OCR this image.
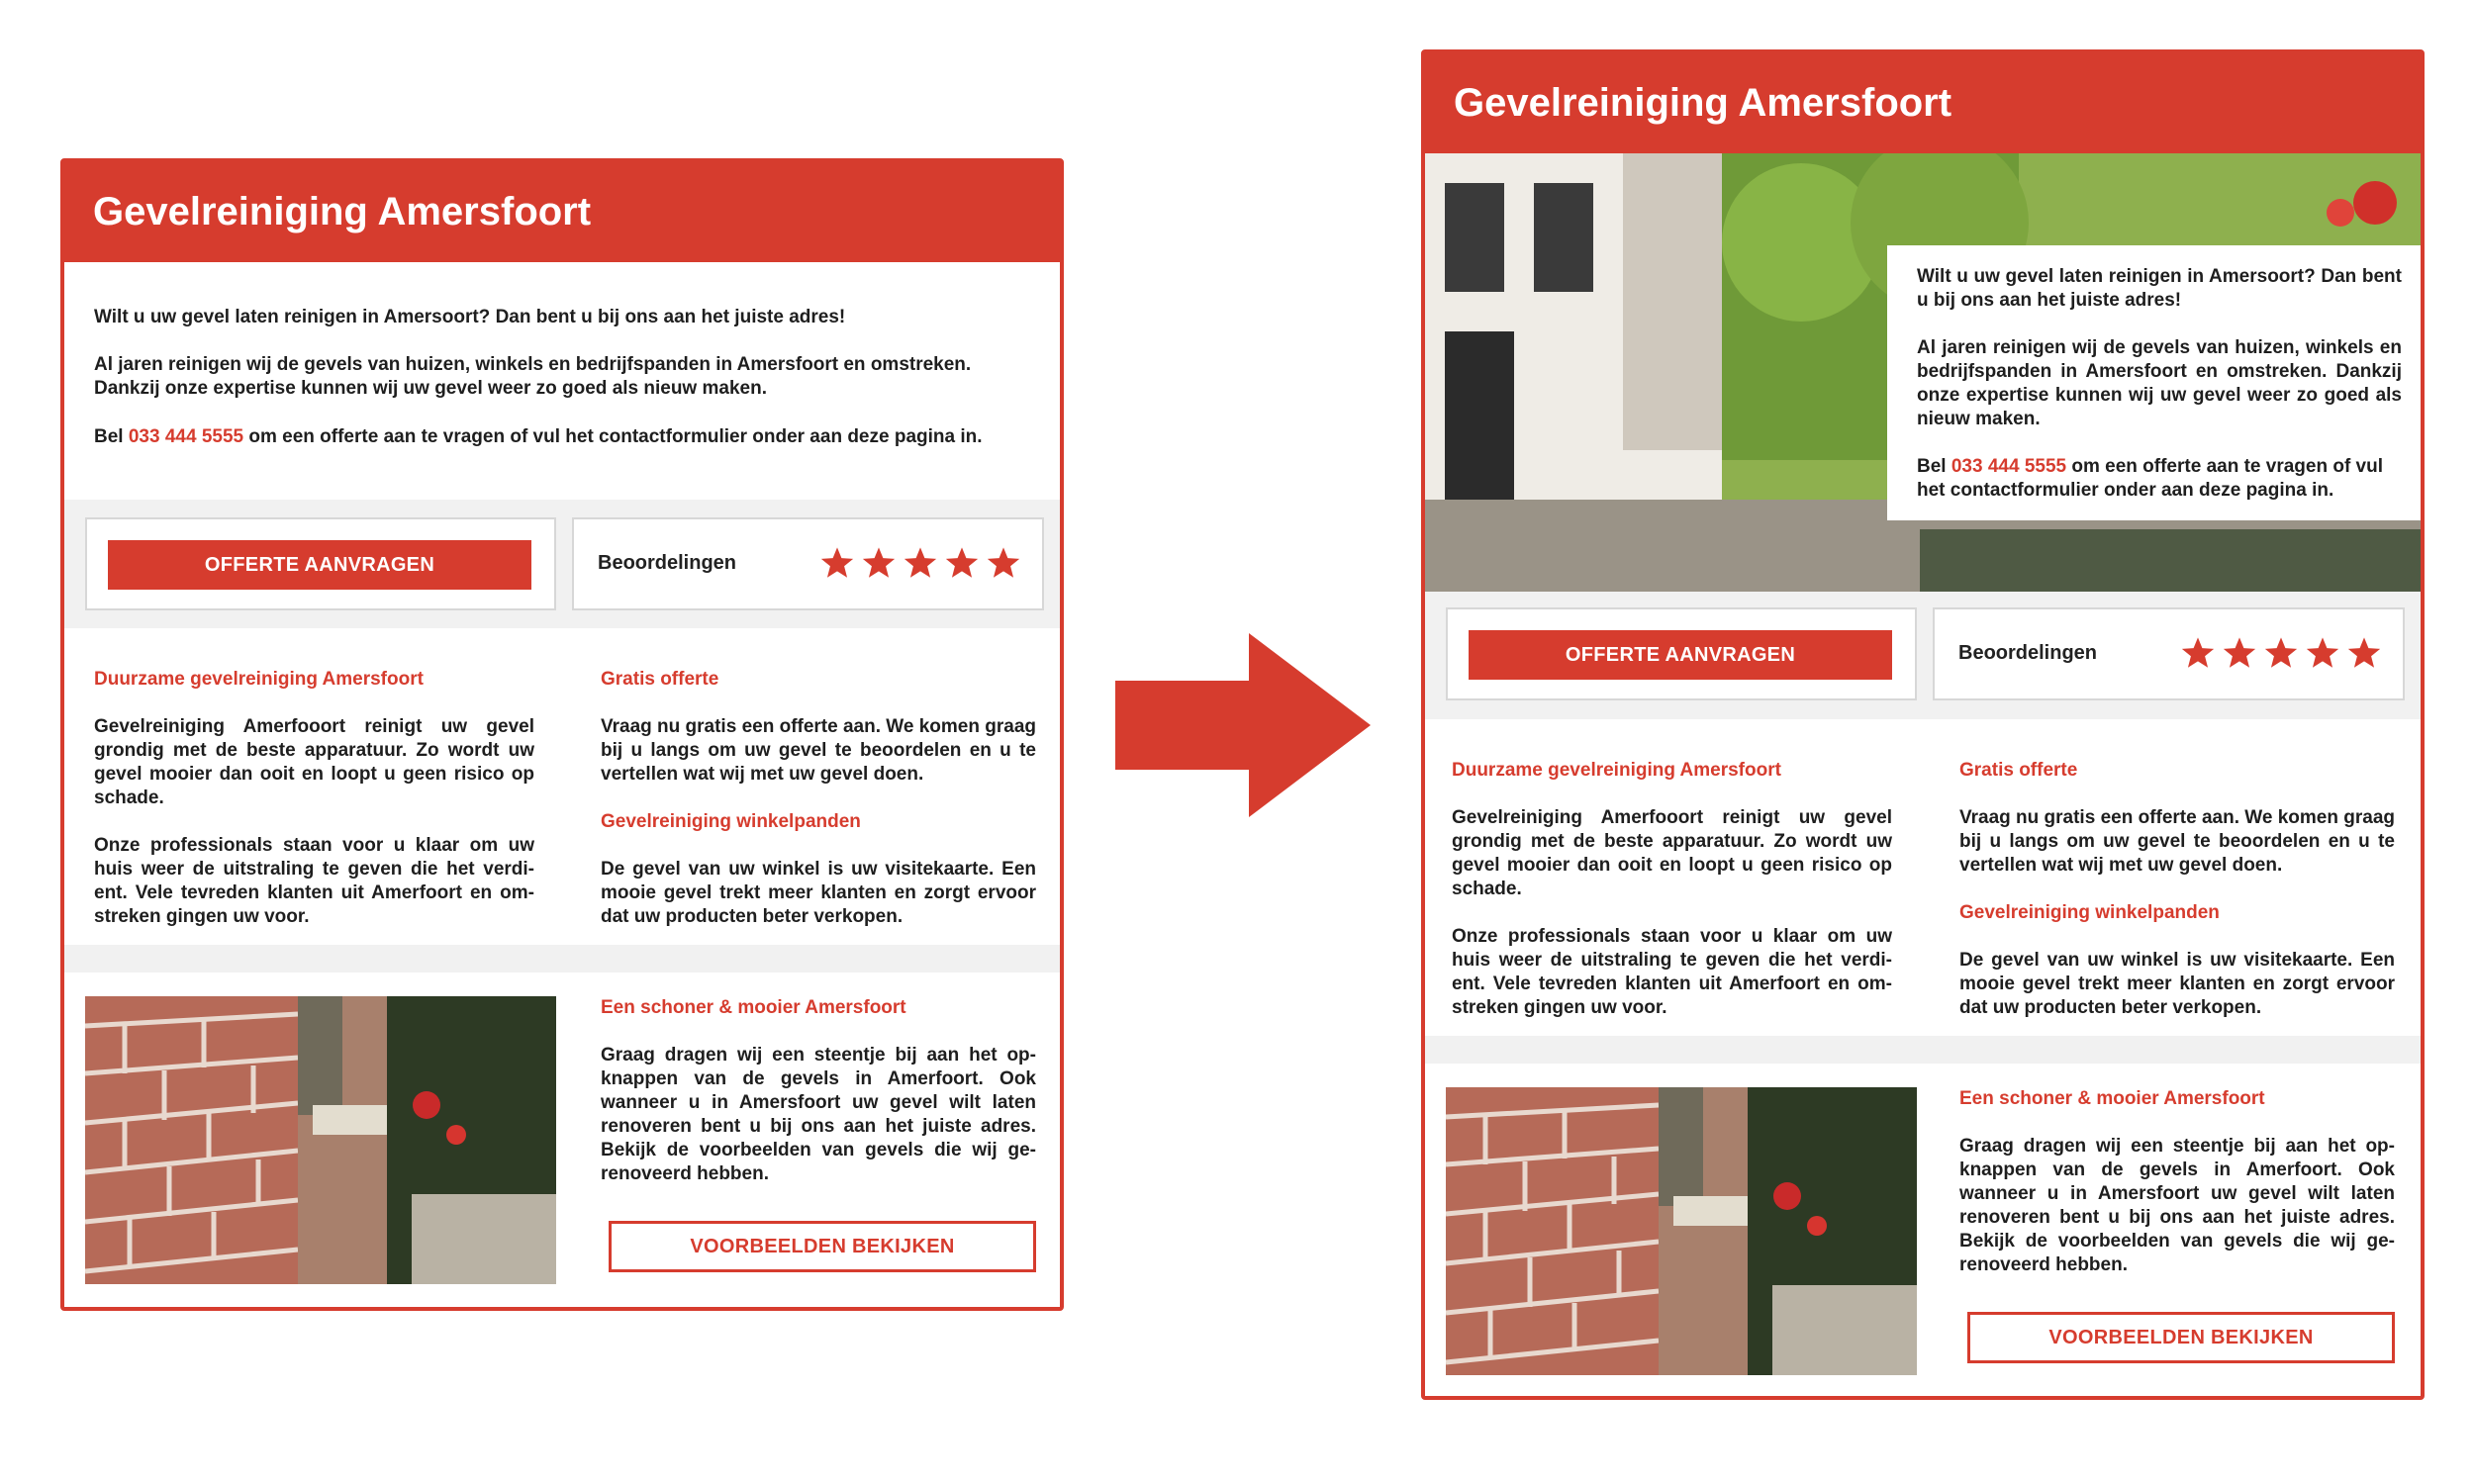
Gevelreiniging Amersfoort
Wilt u uw gevel laten reinigen in Amersoort? Dan bent u bij ons aan het juiste adres!
Al jaren reinigen wij de gevels van huizen, winkels en bedrijfspanden in Amersfoort en omstreken. Dankzij onze expertise kunnen wij uw gevel weer zo goed als nieuw maken.
Bel 033 444 5555 om een offerte aan te vragen of vul het contactformulier onder aan deze pagina in.
OFFERTE AANVRAGEN	Beoordelingen
Duurzame gevelreiniging Amersfoort
Gevelreiniging Amerfooort reinigt uw gevel grondig met de beste apparatuur. Zo wordt uw gevel mooier dan ooit en loopt u geen risico op schade.
Onze professionals staan voor u klaar om uw huis weer de uitstraling te geven die het verdi-ent. Vele tevreden klanten uit Amerfoort en om-streken gingen uw voor.
Gratis offerte
Vraag nu gratis een offerte aan. We komen graag bij u langs om uw gevel te beoordelen en u te vertellen wat wij met uw gevel doen.
Gevelreiniging winkelpanden
De gevel van uw winkel is uw visitekaarte. Een mooie gevel trekt meer klanten en zorgt ervoor dat uw producten beter verkopen.
Een schoner & mooier Amersfoort
Graag dragen wij een steentje bij aan het op-knappen van de gevels in Amerfoort. Ook wanneer u in Amersfoort uw gevel wilt laten renoveren bent u bij ons aan het juiste adres. Bekijk de voorbeelden van gevels die wij ge-renoveerd hebben.
VOORBEELDEN BEKIJKEN
Gevelreiniging Amersfoort
Wilt u uw gevel laten reinigen in Amersoort? Dan bent u bij ons aan het juiste adres!
Al jaren reinigen wij de gevels van huizen, winkels en bedrijfspanden in Amersfoort en omstreken. Dankzij onze expertise kunnen wij uw gevel weer zo goed als nieuw maken.
Bel 033 444 5555 om een offerte aan te vragen of vul het contactformulier onder aan deze pagina in.
OFFERTE AANVRAGEN	Beoordelingen
Duurzame gevelreiniging Amersfoort
Gevelreiniging Amerfooort reinigt uw gevel grondig met de beste apparatuur. Zo wordt uw gevel mooier dan ooit en loopt u geen risico op schade.
Onze professionals staan voor u klaar om uw huis weer de uitstraling te geven die het verdi-ent. Vele tevreden klanten uit Amerfoort en om-streken gingen uw voor.
Gratis offerte
Vraag nu gratis een offerte aan. We komen graag bij u langs om uw gevel te beoordelen en u te vertellen wat wij met uw gevel doen.
Gevelreiniging winkelpanden
De gevel van uw winkel is uw visitekaarte. Een mooie gevel trekt meer klanten en zorgt ervoor dat uw producten beter verkopen.
Een schoner & mooier Amersfoort
Graag dragen wij een steentje bij aan het op-knappen van de gevels in Amerfoort. Ook wanneer u in Amersfoort uw gevel wilt laten renoveren bent u bij ons aan het juiste adres. Bekijk de voorbeelden van gevels die wij ge-renoveerd hebben.
VOORBEELDEN BEKIJKEN
